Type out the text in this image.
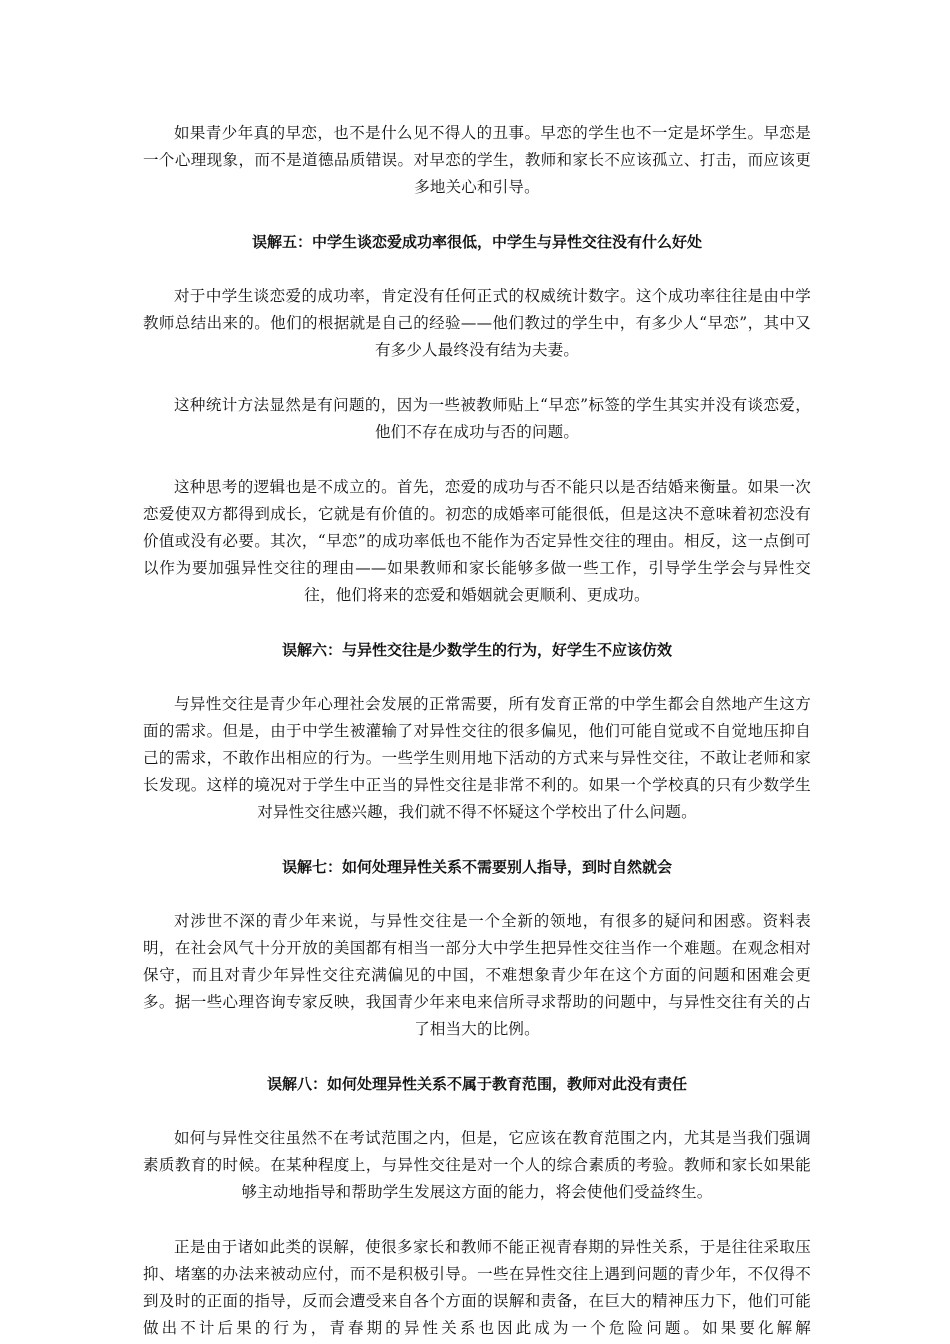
如果青少年真的早恋，也不是什么见不得人的丑事。早恋的学生也不一定是坏学生。早恋是一个心理现象，而不是道德品质错误。对早恋的学生，教师和家长不应该孤立、打击，而应该更多地关心和引导。

误解五：中学生谈恋爱成功率很低，中学生与异性交往没有什么好处

对于中学生谈恋爱的成功率，肯定没有任何正式的权威统计数字。这个成功率往往是由中学教师总结出来的。他们的根据就是自己的经验——他们教过的学生中，有多少人“早恋”，其中又有多少人最终没有结为夫妻。

这种统计方法显然是有问题的，因为一些被教师贴上“早恋”标签的学生其实并没有谈恋爱，他们不存在成功与否的问题。

这种思考的逻辑也是不成立的。首先，恋爱的成功与否不能只以是否结婚来衡量。如果一次恋爱使双方都得到成长，它就是有价值的。初恋的成婚率可能很低，但是这决不意味着初恋没有价值或没有必要。其次，“早恋”的成功率低也不能作为否定异性交往的理由。相反，这一点倒可以作为要加强异性交往的理由——如果教师和家长能够多做一些工作，引导学生学会与异性交往，他们将来的恋爱和婚姻就会更顺利、更成功。

误解六：与异性交往是少数学生的行为，好学生不应该仿效

与异性交往是青少年心理社会发展的正常需要，所有发育正常的中学生都会自然地产生这方面的需求。但是，由于中学生被灌输了对异性交往的很多偏见，他们可能自觉或不自觉地压抑自己的需求，不敢作出相应的行为。一些学生则用地下活动的方式来与异性交往，不敢让老师和家长发现。这样的境况对于学生中正当的异性交往是非常不利的。如果一个学校真的只有少数学生对异性交往感兴趣，我们就不得不怀疑这个学校出了什么问题。

误解七：如何处理异性关系不需要别人指导，到时自然就会

对涉世不深的青少年来说，与异性交往是一个全新的领地，有很多的疑问和困惑。资料表明，在社会风气十分开放的美国都有相当一部分大中学生把异性交往当作一个难题。在观念相对保守，而且对青少年异性交往充满偏见的中国，不难想象青少年在这个方面的问题和困难会更多。据一些心理咨询专家反映，我国青少年来电来信所寻求帮助的问题中，与异性交往有关的占了相当大的比例。

误解八：如何处理异性关系不属于教育范围，教师对此没有责任

如何与异性交往虽然不在考试范围之内，但是，它应该在教育范围之内，尤其是当我们强调素质教育的时候。在某种程度上，与异性交往是对一个人的综合素质的考验。教师和家长如果能够主动地指导和帮助学生发展这方面的能力，将会使他们受益终生。

正是由于诸如此类的误解，使很多家长和教师不能正视青春期的异性关系，于是往往采取压抑、堵塞的办法来被动应付，而不是积极引导。一些在异性交往上遇到问题的青少年，不仅得不到及时的正面的指导，反而会遭受来自各个方面的误解和责备，在巨大的精神压力下，他们可能做出不计后果的行为，青春期的异性关系也因此成为一个危险问题。如果要化解解
